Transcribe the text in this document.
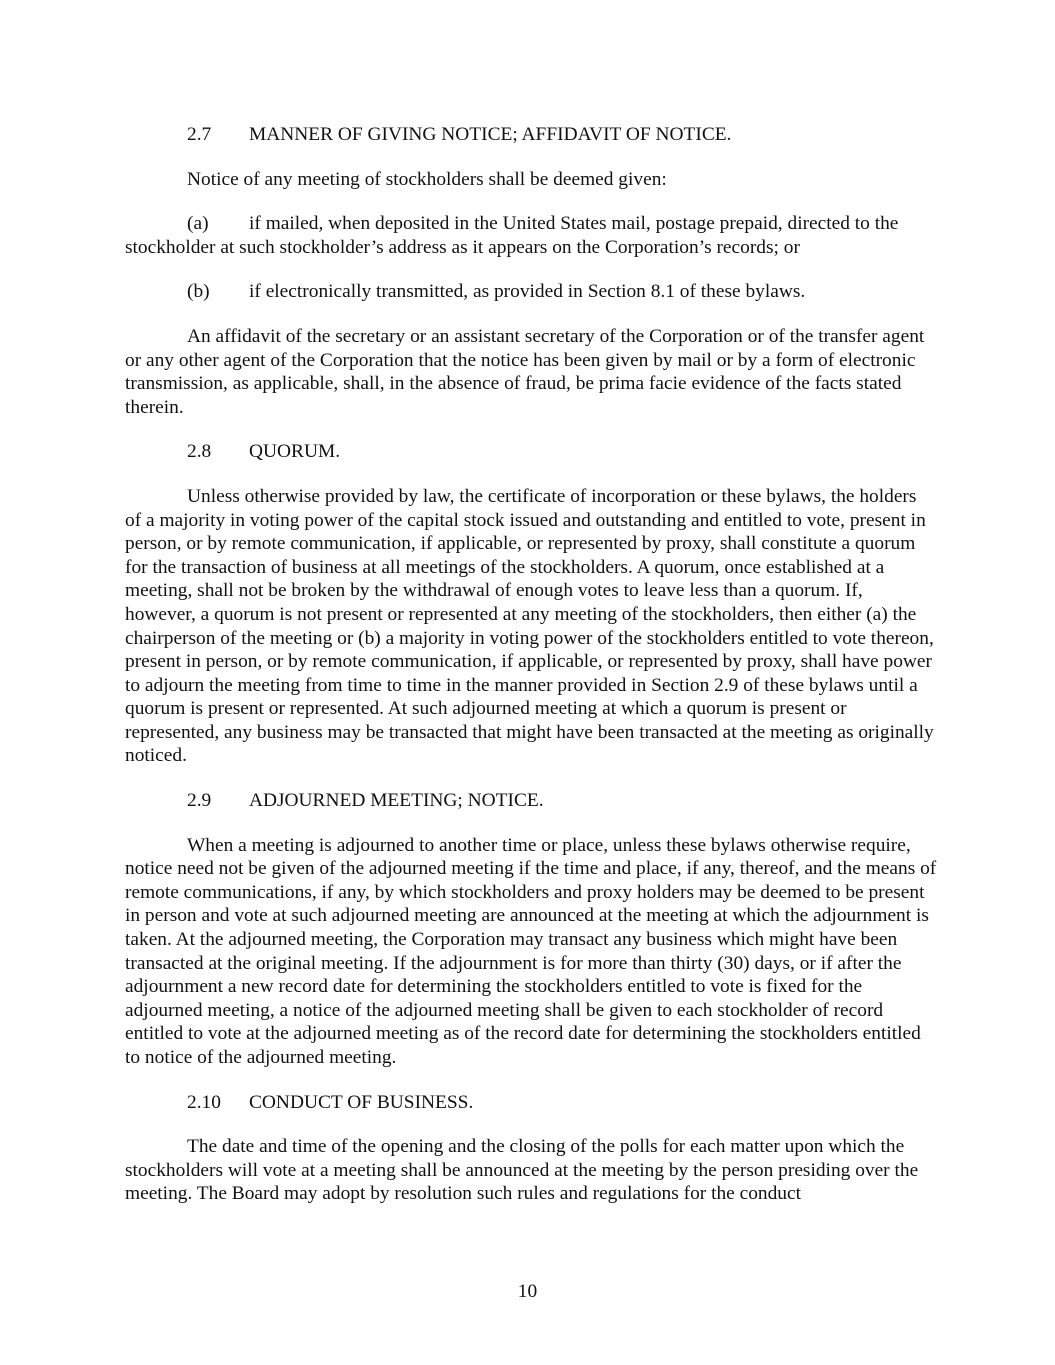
2.7 MANNER OF GIVING NOTICE; AFFIDAVIT OF NOTICE.

Notice of any meeting of stockholders shall be deemed given:

(a) if mailed, when deposited in the United States mail, postage prepaid, directed to the stockholder at such stockholder’s address as it appears on the Corporation’s records; or

(b) if electronically transmitted, as provided in Section 8.1 of these bylaws.

An affidavit of the secretary or an assistant secretary of the Corporation or of the transfer agent or any other agent of the Corporation that the notice has been given by mail or by a form of electronic transmission, as applicable, shall, in the absence of fraud, be prima facie evidence of the facts stated therein.

2.8 QUORUM.

Unless otherwise provided by law, the certificate of incorporation or these bylaws, the holders of a majority in voting power of the capital stock issued and outstanding and entitled to vote, present in person, or by remote communication, if applicable, or represented by proxy, shall constitute a quorum for the transaction of business at all meetings of the stockholders. A quorum, once established at a meeting, shall not be broken by the withdrawal of enough votes to leave less than a quorum. If, however, a quorum is not present or represented at any meeting of the stockholders, then either (a) the chairperson of the meeting or (b) a majority in voting power of the stockholders entitled to vote thereon, present in person, or by remote communication, if applicable, or represented by proxy, shall have power to adjourn the meeting from time to time in the manner provided in Section 2.9 of these bylaws until a quorum is present or represented. At such adjourned meeting at which a quorum is present or represented, any business may be transacted that might have been transacted at the meeting as originally noticed.

2.9 ADJOURNED MEETING; NOTICE.

When a meeting is adjourned to another time or place, unless these bylaws otherwise require, notice need not be given of the adjourned meeting if the time and place, if any, thereof, and the means of remote communications, if any, by which stockholders and proxy holders may be deemed to be present in person and vote at such adjourned meeting are announced at the meeting at which the adjournment is taken. At the adjourned meeting, the Corporation may transact any business which might have been transacted at the original meeting. If the adjournment is for more than thirty (30) days, or if after the adjournment a new record date for determining the stockholders entitled to vote is fixed for the adjourned meeting, a notice of the adjourned meeting shall be given to each stockholder of record entitled to vote at the adjourned meeting as of the record date for determining the stockholders entitled to notice of the adjourned meeting.

2.10 CONDUCT OF BUSINESS.

The date and time of the opening and the closing of the polls for each matter upon which the stockholders will vote at a meeting shall be announced at the meeting by the person presiding over the meeting. The Board may adopt by resolution such rules and regulations for the conduct

10
